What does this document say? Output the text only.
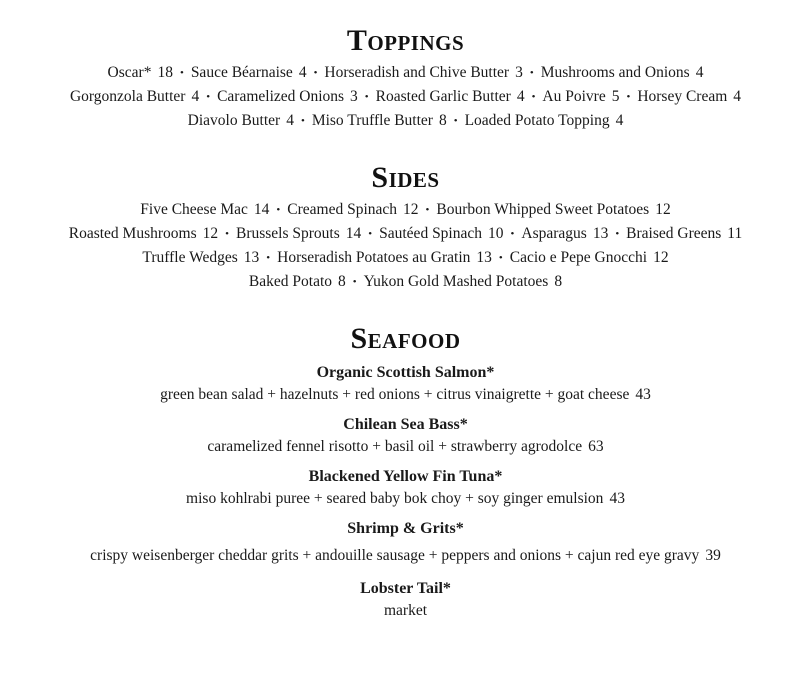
Toppings
Oscar* 18 • Sauce Béarnaise 4 • Horseradish and Chive Butter 3 • Mushrooms and Onions 4
Gorgonzola Butter 4 • Caramelized Onions 3 • Roasted Garlic Butter 4 • Au Poivre 5 • Horsey Cream 4
Diavolo Butter 4 • Miso Truffle Butter 8 • Loaded Potato Topping 4
Sides
Five Cheese Mac 14 • Creamed Spinach 12 • Bourbon Whipped Sweet Potatoes 12
Roasted Mushrooms 12 • Brussels Sprouts 14 • Sautéed Spinach 10 • Asparagus 13 • Braised Greens 11
Truffle Wedges 13 • Horseradish Potatoes au Gratin 13 • Cacio e Pepe Gnocchi 12
Baked Potato 8 • Yukon Gold Mashed Potatoes 8
Seafood
Organic Scottish Salmon*
green bean salad + hazelnuts + red onions + citrus vinaigrette + goat cheese 43
Chilean Sea Bass*
caramelized fennel risotto + basil oil + strawberry agrodolce 63
Blackened Yellow Fin Tuna*
miso kohlrabi puree + seared baby bok choy + soy ginger emulsion 43
Shrimp & Grits*
crispy weisenberger cheddar grits + andouille sausage + peppers and onions + cajun red eye gravy 39
Lobster Tail*
market
